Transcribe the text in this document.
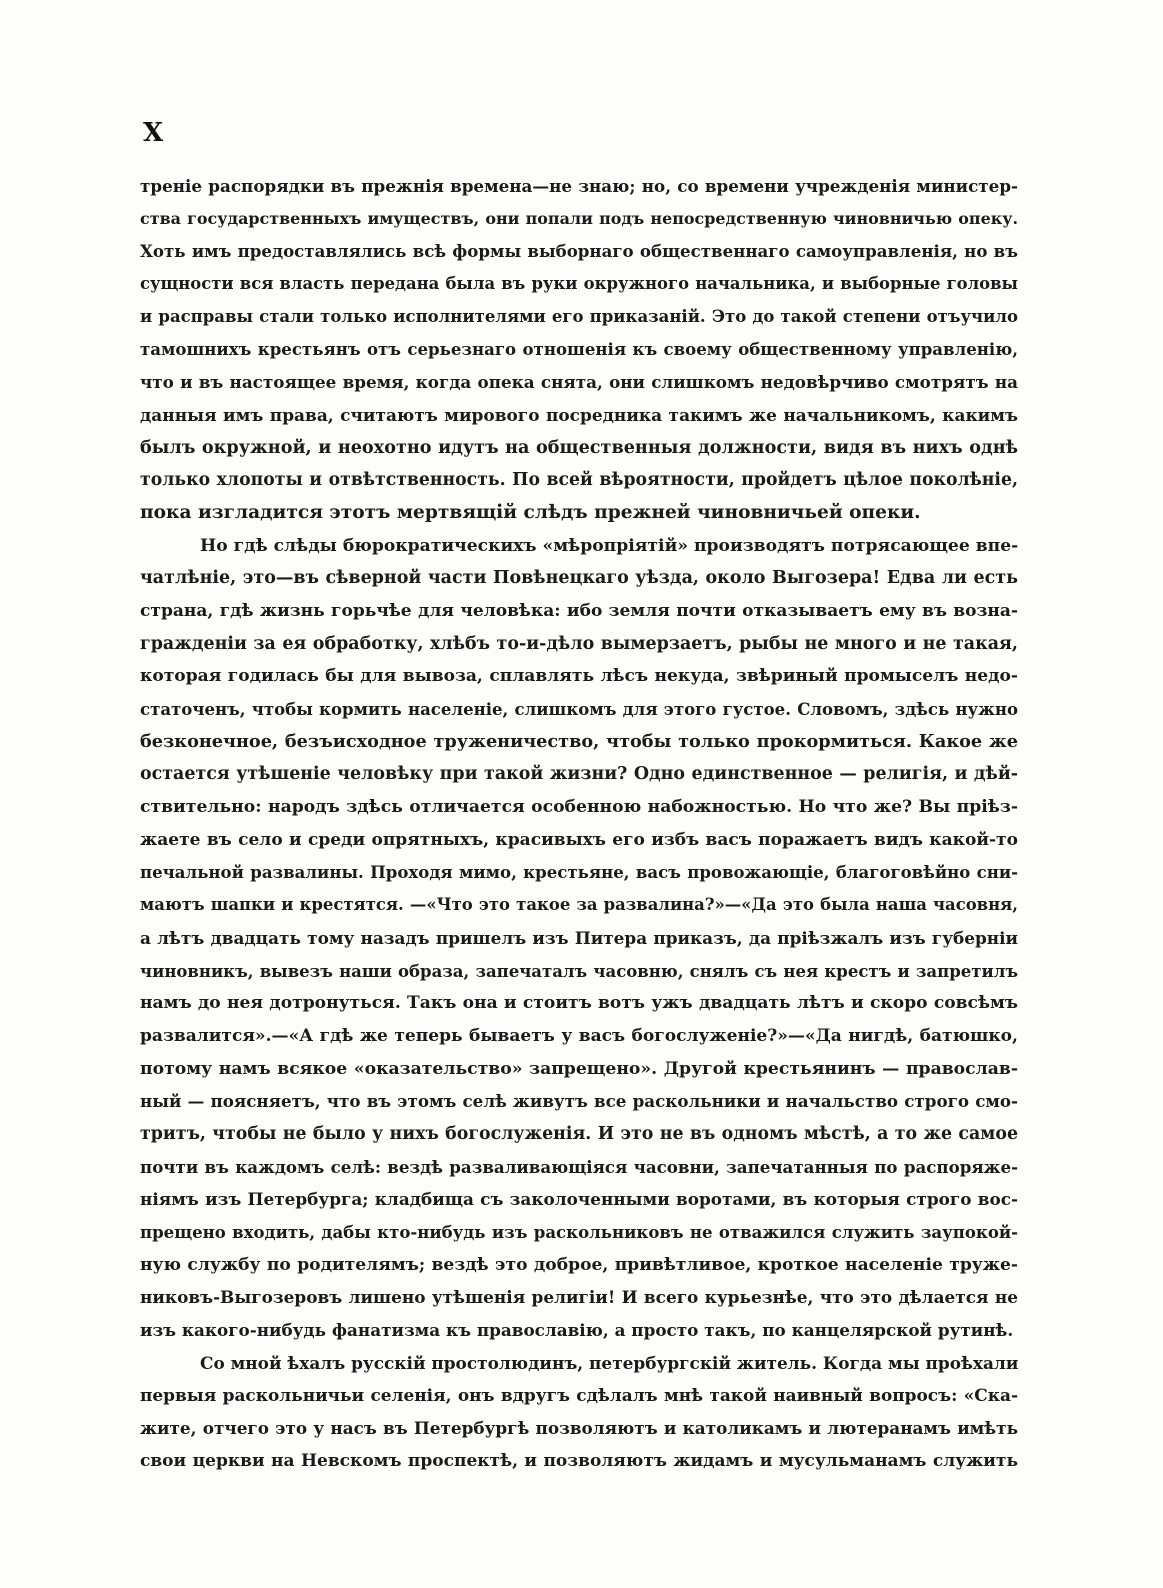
X
треніе распорядки въ прежнія времена—не знаю; но, со времени учрежденія министер-
ства государственныхъ имуществъ, они попали подъ непосредственную чиновничью опеку.
Хоть имъ предоставлялись всѣ формы выборнаго общественнаго самоуправленія, но въ
сущности вся власть передана была въ руки окружного начальника, и выборные головы
и расправы стали только исполнителями его приказаній. Это до такой степени отъучило
тамошнихъ крестьянъ отъ серьезнаго отношенія къ своему общественному управленію,
что и въ настоящее время, когда опека снята, они слишкомъ недовѣрчиво смотрятъ на
данныя имъ права, считаютъ мирового посредника такимъ же начальникомъ, какимъ
былъ окружной, и неохотно идутъ на общественныя должности, видя въ нихъ однѣ
только хлопоты и отвѣтственность. По всей вѣроятности, пройдетъ цѣлое поколѣніе,
пока изгладится этотъ мертвящій слѣдъ прежней чиновничьей опеки.
Но гдѣ слѣды бюрократическихъ «мѣропріятій» производятъ потрясающее впе-
чатлѣніе, это—въ сѣверной части Повѣнецкаго уѣзда, около Выгозера! Едва ли есть
страна, гдѣ жизнь горьчѣе для человѣка: ибо земля почти отказываетъ ему въ возна-
гражденіи за ея обработку, хлѣбъ то-и-дѣло вымерзаетъ, рыбы не много и не такая,
которая годилась бы для вывоза, сплавлять лѣсъ некуда, звѣриный промыселъ недо-
статоченъ, чтобы кормить населеніе, слишкомъ для этого густое. Словомъ, здѣсь нужно
безконечное, безъисходное труженичество, чтобы только прокормиться. Какое же
остается утѣшеніе человѣку при такой жизни? Одно единственное — религія, и дѣй-
ствительно: народъ здѣсь отличается особенною набожностью. Но что же? Вы пріѣз-
жаете въ село и среди опрятныхъ, красивыхъ его избъ васъ поражаетъ видъ какой-то
печальной развалины. Проходя мимо, крестьяне, васъ провожающіе, благоговѣйно сни-
маютъ шапки и крестятся. —«Что это такое за развалина?»—«Да это была наша часовня,
а лѣтъ двадцать тому назадъ пришелъ изъ Питера приказъ, да пріѣзжалъ изъ губерніи
чиновникъ, вывезъ наши образа, запечаталъ часовню, снялъ съ нея крестъ и запретилъ
намъ до нея дотронуться. Такъ она и стоитъ вотъ ужъ двадцать лѣтъ и скоро совсѣмъ
развалится».—«А гдѣ же теперь бываетъ у васъ богослуженіе?»—«Да нигдѣ, батюшко,
потому намъ всякое «оказательство» запрещено». Другой крестьянинъ — православ-
ный — поясняетъ, что въ этомъ селѣ живутъ все раскольники и начальство строго смо-
тритъ, чтобы не было у нихъ богослуженія. И это не въ одномъ мѣстѣ, а то же самое
почти въ каждомъ селѣ: вездѣ разваливающіяся часовни, запечатанныя по распоряже-
ніямъ изъ Петербурга; кладбища съ заколоченными воротами, въ которыя строго вос-
прещено входить, дабы кто-нибудь изъ раскольниковъ не отважился служить заупокой-
ную службу по родителямъ; вездѣ это доброе, привѣтливое, кроткое населеніе труже-
никовъ-Выгозеровъ лишено утѣшенія религіи! И всего курьезнѣе, что это дѣлается не
изъ какого-нибудь фанатизма къ православію, а просто такъ, по канцелярской рутинѣ.
Со мной ѣхалъ русскій простолюдинъ, петербургскій житель. Когда мы проѣхали
первыя раскольничьи селенія, онъ вдругъ сдѣлалъ мнѣ такой наивный вопросъ: «Ска-
жите, отчего это у насъ въ Петербургѣ позволяютъ и католикамъ и лютеранамъ имѣть
свои церкви на Невскомъ проспектѣ, и позволяютъ жидамъ и мусульманамъ служить
